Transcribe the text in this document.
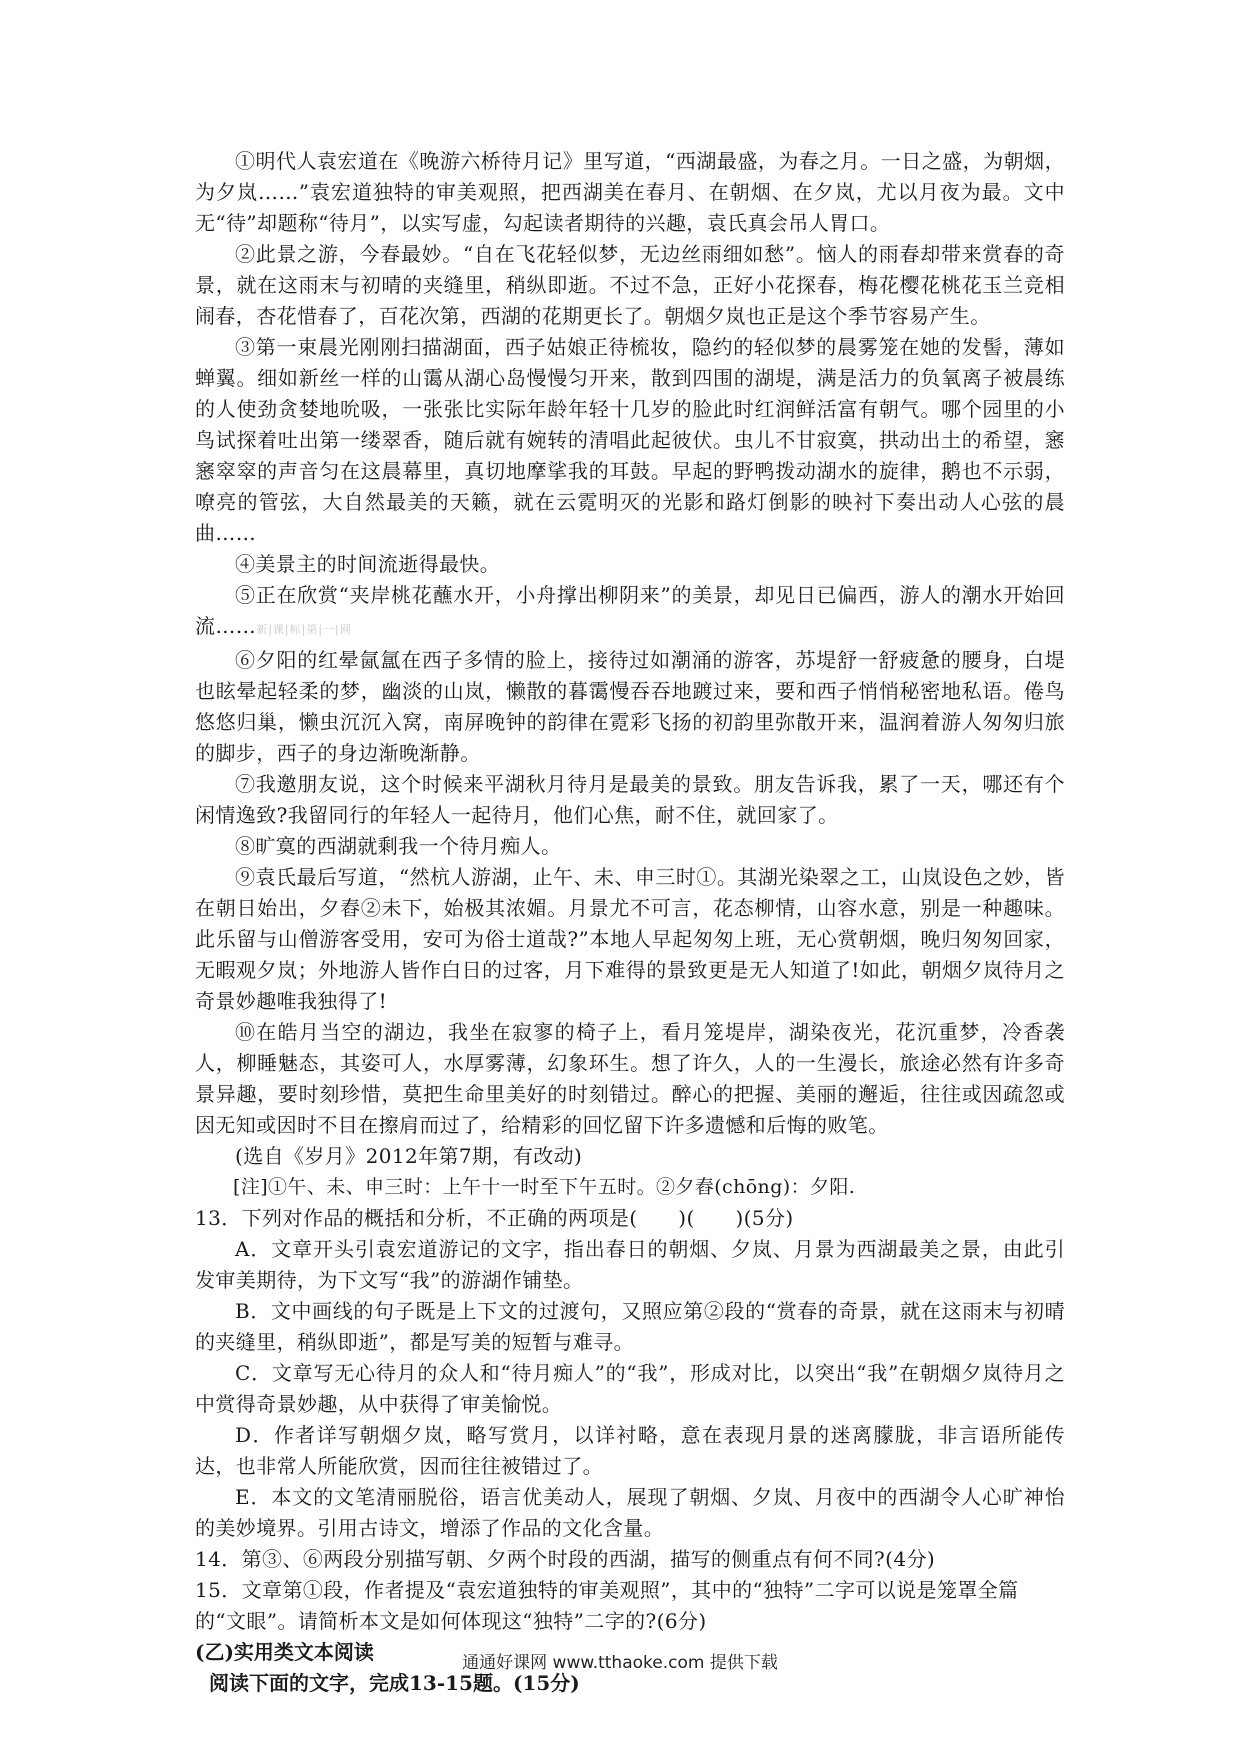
①明代人袁宏道在《晚游六桥待月记》里写道，“西湖最盛，为春之月。一日之盛，为朝烟，为夕岚……”袁宏道独特的审美观照，把西湖美在春月、在朝烟、在夕岚，尤以月夜为最。文中无“待”却题称“待月”，以实写虚，勾起读者期待的兴趣，袁氏真会吊人胃口。

②此景之游，今春最妙。“自在飞花轻似梦，无边丝雨细如愁”。恼人的雨春却带来赏春的奇景，就在这雨末与初晴的夹缝里，稍纵即逝。不过不急，正好小花探春，梅花樱花桃花玉兰竞相闹春，杏花惜春了，百花次第，西湖的花期更长了。朝烟夕岚也正是这个季节容易产生。

③第一束晨光刚刚扫描湖面，西子姑娘正待梳妆，隐约的轻似梦的晨雾笼在她的发髻，薄如蝉翼。细如新丝一样的山霭从湖心岛慢慢匀开来，散到四围的湖堤，满是活力的负氧离子被晨练的人使劲贪婪地吮吸，一张张比实际年龄年轻十几岁的脸此时红润鲜活富有朝气。哪个园里的小鸟试探着吐出第一缕翠香，随后就有婉转的清唱此起彼伏。虫儿不甘寂寞，拱动出土的希望，窸窸窣窣的声音匀在这晨幕里，真切地摩挲我的耳鼓。早起的野鸭拨动湖水的旋律，鹅也不示弱，嘹亮的管弦，大自然最美的天籁，就在云霓明灭的光影和路灯倒影的映衬下奏出动人心弦的晨曲……

④美景主的时间流逝得最快。

⑤正在欣赏“夹岸桃花蘸水开，小舟撑出柳阴来”的美景，却见日已偏西，游人的潮水开始回流……新|课|标|第|一|网

⑥夕阳的红晕氤氲在西子多情的脸上，接待过如潮涌的游客，苏堤舒一舒疲惫的腰身，白堤也眩晕起轻柔的梦，幽淡的山岚，懒散的暮霭慢吞吞地踱过来，要和西子悄悄秘密地私语。倦鸟悠悠归巢，懒虫沉沉入窝，南屏晚钟的韵律在霓彩飞扬的初韵里弥散开来，温润着游人匆匆归旅的脚步，西子的身边渐晚渐静。

⑦我邀朋友说，这个时候来平湖秋月待月是最美的景致。朋友告诉我，累了一天，哪还有个闲情逸致?我留同行的年轻人一起待月，他们心焦，耐不住，就回家了。

⑧旷寞的西湖就剩我一个待月痴人。

⑨袁氏最后写道，“然杭人游湖，止午、未、申三时①。其湖光染翠之工，山岚设色之妙，皆在朝日始出，夕舂②未下，始极其浓媚。月景尤不可言，花态柳情，山容水意，别是一种趣味。此乐留与山僧游客受用，安可为俗士道哉?”本地人早起匆匆上班，无心赏朝烟，晚归匆匆回家，无暇观夕岚；外地游人皆作白日的过客，月下难得的景致更是无人知道了!如此，朝烟夕岚待月之奇景妙趣唯我独得了!

⑩在皓月当空的湖边，我坐在寂寥的椅子上，看月笼堤岸，湖染夜光，花沉重梦，冷香袭人，柳睡魅态，其姿可人，水厚雾薄，幻象环生。想了许久，人的一生漫长，旅途必然有许多奇景异趣，要时刻珍惜，莫把生命里美好的时刻错过。醉心的把握、美丽的邂逅，往往或因疏忽或因无知或因时不目在擦肩而过了，给精彩的回忆留下许多遗憾和后悔的败笔。

(选自《岁月》2012年第7期，有改动)

[注]①午、未、申三时：上午十一时至下午五时。②夕舂(chōng)：夕阳.

13．下列对作品的概括和分析，不正确的两项是(　　)(　　)(5分)

A．文章开头引袁宏道游记的文字，指出春日的朝烟、夕岚、月景为西湖最美之景，由此引发审美期待，为下文写“我”的游湖作铺垫。

B．文中画线的句子既是上下文的过渡句，又照应第②段的“赏春的奇景，就在这雨末与初晴的夹缝里，稍纵即逝”，都是写美的短暂与难寻。

C．文章写无心待月的众人和“待月痴人”的“我”，形成对比，以突出“我”在朝烟夕岚待月之中赏得奇景妙趣，从中获得了审美愉悦。

D．作者详写朝烟夕岚，略写赏月，以详衬略，意在表现月景的迷离朦胧，非言语所能传达，也非常人所能欣赏，因而往往被错过了。

E．本文的文笔清丽脱俗，语言优美动人，展现了朝烟、夕岚、月夜中的西湖令人心旷神怡的美妙境界。引用古诗文，增添了作品的文化含量。

14．第③、⑥两段分别描写朝、夕两个时段的西湖，描写的侧重点有何不同?(4分)

15．文章第①段，作者提及“袁宏道独特的审美观照”，其中的“独特”二字可以说是笼罩全篇的“文眼”。请简析本文是如何体现这“独特”二字的?(6分)

(乙)实用类文本阅读

阅读下面的文字，完成13-15题。(15分)

通通好课网 www.tthaoke.com 提供下载
